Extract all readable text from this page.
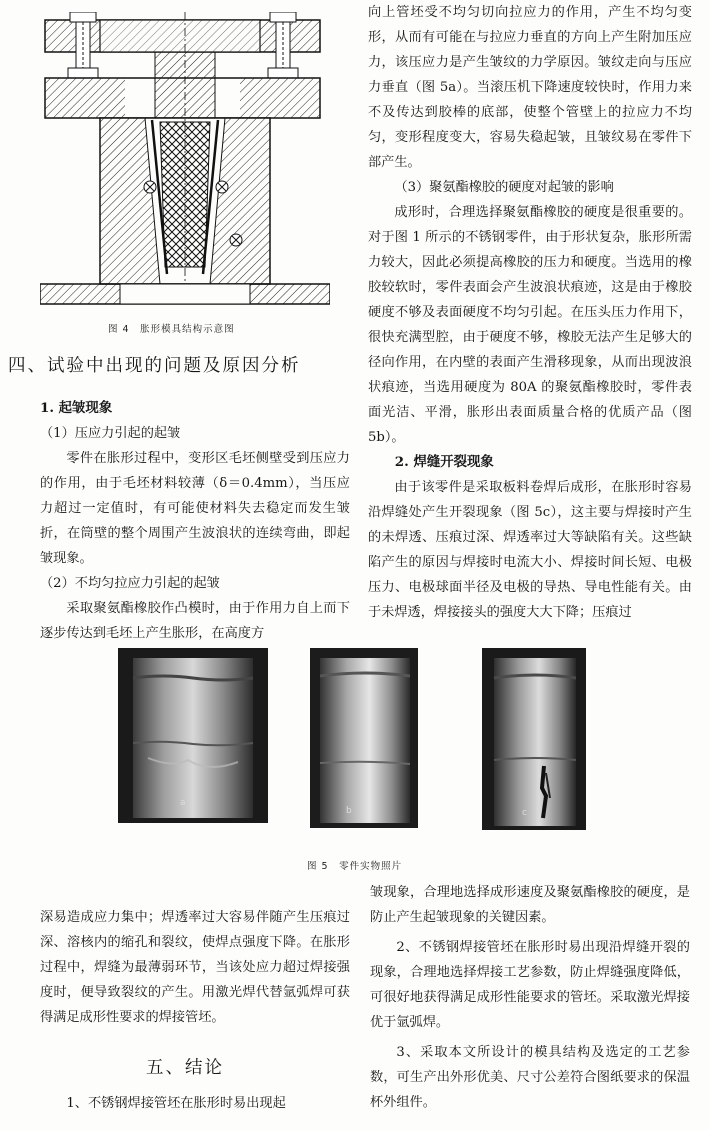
图 4　胀形模具结构示意图
四、试验中出现的问题及原因分析
1. 起皱现象
（1）压应力引起的起皱

零件在胀形过程中，变形区毛坯侧壁受到压应力的作用，由于毛坯材料较薄（δ＝0.4mm），当压应力超过一定值时，有可能使材料失去稳定而发生皱折，在筒壁的整个周围产生波浪状的连续弯曲，即起皱现象。

（2）不均匀拉应力引起的起皱

采取聚氨酯橡胶作凸模时，由于作用力自上而下逐步传达到毛坯上产生胀形，在高度方

向上管坯受不均匀切向拉应力的作用，产生不均匀变形，从而有可能在与拉应力垂直的方向上产生附加压应力，该压应力是产生皱纹的力学原因。皱纹走向与压应力垂直（图 5a）。当滚压机下降速度较快时，作用力来不及传达到胶棒的底部，使整个管壁上的拉应力不均匀，变形程度变大，容易失稳起皱，且皱纹易在零件下部产生。

（3）聚氨酯橡胶的硬度对起皱的影响

成形时，合理选择聚氨酯橡胶的硬度是很重要的。对于图 1 所示的不锈钢零件，由于形状复杂，胀形所需力较大，因此必须提高橡胶的压力和硬度。当选用的橡胶较软时，零件表面会产生波浪状痕迹，这是由于橡胶硬度不够及表面硬度不均匀引起。在压头压力作用下，很快充满型腔，由于硬度不够，橡胶无法产生足够大的径向作用，在内壁的表面产生滑移现象，从而出现波浪状痕迹，当选用硬度为 80A 的聚氨酯橡胶时，零件表面光洁、平滑，胀形出表面质量合格的优质产品（图 5b）。

2. 焊缝开裂现象

由于该零件是采取板料卷焊后成形，在胀形时容易沿焊缝处产生开裂现象（图 5c），这主要与焊接时产生的未焊透、压痕过深、焊透率过大等缺陷有关。这些缺陷产生的原因与焊接时电流大小、焊接时间长短、电极压力、电极球面半径及电极的导热、导电性能有关。由于未焊透，焊接接头的强度大大下降；压痕过

a
b	c
图 5　零件实物照片

深易造成应力集中；焊透率过大容易伴随产生压痕过深、溶核内的缩孔和裂纹，使焊点强度下降。在胀形过程中，焊缝为最薄弱环节，当该处应力超过焊接强度时，便导致裂纹的产生。用激光焊代替氩弧焊可获得满足成形性要求的焊接管坯。

五、结论

1、不锈钢焊接管坯在胀形时易出现起

皱现象，合理地选择成形速度及聚氨酯橡胶的硬度，是防止产生起皱现象的关键因素。

2、不锈钢焊接管坯在胀形时易出现沿焊缝开裂的现象，合理地选择焊接工艺参数，防止焊缝强度降低，可很好地获得满足成形性能要求的管坯。采取激光焊接优于氩弧焊。

3、采取本文所设计的模具结构及选定的工艺参数，可生产出外形优美、尺寸公差符合图纸要求的保温杯外组件。
